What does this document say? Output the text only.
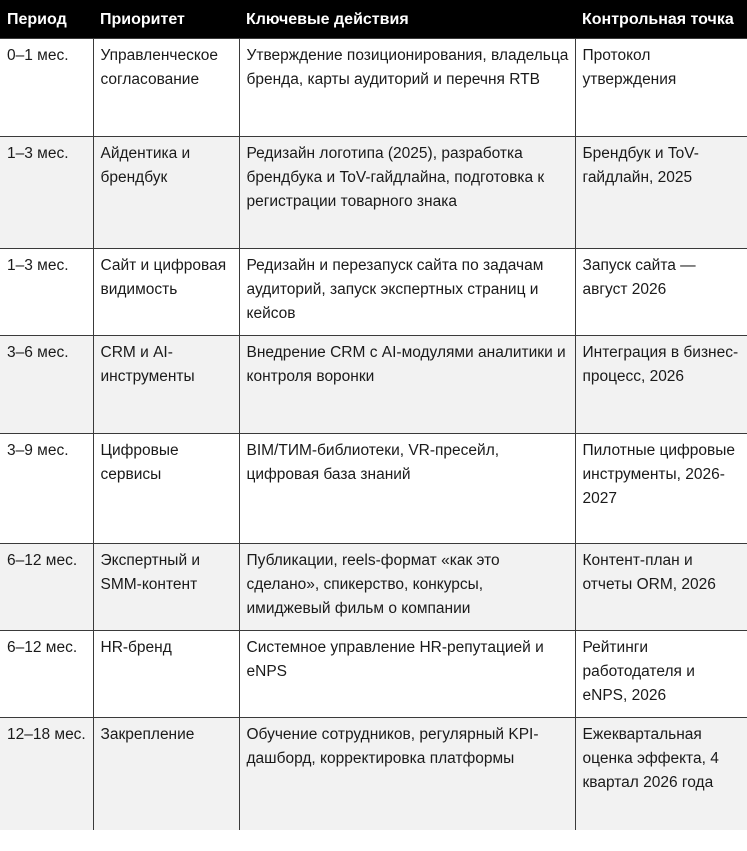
Период	Приоритет	Ключевые действия	Контрольная точка
0–1 мес.	Управленческое согласование	Утверждение позиционирования, владельца бренда, карты аудиторий и перечня RTB	Протокол утверждения
1–3 мес.	Айдентика и брендбук	Редизайн логотипа (2025), разработка брендбука и ToV-гайдлайна, подготовка к регистрации товарного знака	Брендбук и ToV-гайдлайн, 2025
1–3 мес.	Сайт и цифровая видимость	Редизайн и перезапуск сайта по задачам аудиторий, запуск экспертных страниц и кейсов	Запуск сайта — август 2026
3–6 мес.	CRM и AI-инструменты	Внедрение CRM с AI-модулями аналитики и контроля воронки	Интеграция в бизнес-процесс, 2026
3–9 мес.	Цифровые сервисы	BIM/ТИМ-библиотеки, VR-пресейл, цифровая база знаний	Пилотные цифровые инструменты, 2026-2027
6–12 мес.	Экспертный и SMM-контент	Публикации, reels-формат «как это сделано», спикерство, конкурсы, имиджевый фильм о компании	Контент-план и отчеты ORM, 2026
6–12 мес.	HR-бренд	Системное управление HR-репутацией и eNPS	Рейтинги работодателя и eNPS, 2026
12–18 мес.	Закрепление	Обучение сотрудников, регулярный KPI-дашборд, корректировка платформы	Ежеквартальная оценка эффекта, 4 квартал 2026 года
